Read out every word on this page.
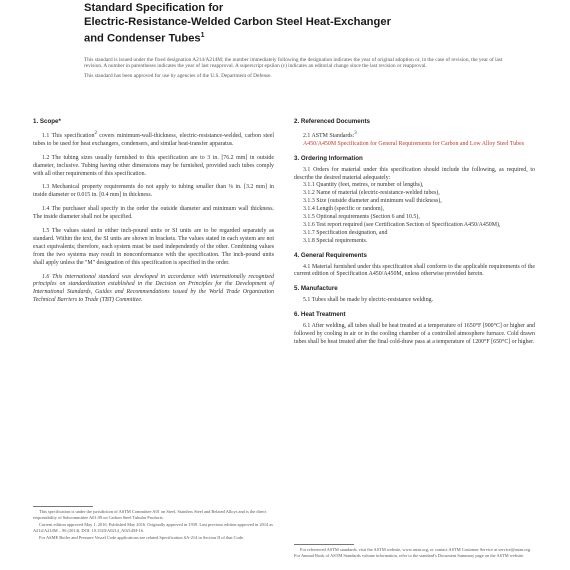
Standard Specification for
Electric-Resistance-Welded Carbon Steel Heat-Exchanger
and Condenser Tubes$^1$

This standard is issued under the fixed designation A214/A214M; the number immediately following the designation indicates the year of original adoption or, in the case of revision, the year of last revision. A number in parentheses indicates the year of last reapproval. A superscript epsilon (ε) indicates an editorial change since the last revision or reapproval.

This standard has been approved for use by agencies of the U.S. Department of Defense.

1. Scope*

1.1 This specification$^2$ covers minimum-wall-thickness, electric-resistance-welded, carbon steel tubes to be used for heat exchangers, condensers, and similar heat-transfer apparatus.

1.2 The tubing sizes usually furnished to this specification are to 3 in. [76.2 mm] in outside diameter, inclusive. Tubing having other dimensions may be furnished, provided such tubes comply with all other requirements of this specification.

1.3 Mechanical property requirements do not apply to tubing smaller than ⅛ in. [3.2 mm] in inside diameter or 0.015 in. [0.4 mm] in thickness.

1.4 The purchaser shall specify in the order the outside diameter and minimum wall thickness. The inside diameter shall not be specified.

1.5 The values stated in either inch-pound units or SI units are to be regarded separately as standard. Within the text, the SI units are shown in brackets. The values stated in each system are not exact equivalents; therefore, each system must be used independently of the other. Combining values from the two systems may result in nonconformance with the specification. The inch-pound units shall apply unless the "M" designation of this specification is specified in the order.

1.6 This international standard was developed in accordance with internationally recognized principles on standardization established in the Decision on Principles for the Development of International Standards, Guides and Recommendations issued by the World Trade Organization Technical Barriers to Trade (TBT) Committee.

2. Referenced Documents

2.1 ASTM Standards:$^3$

A450/A450M Specification for General Requirements for Carbon and Low Alloy Steel Tubes

3. Ordering Information

3.1 Orders for material under this specification should include the following, as required, to describe the desired material adequately:

3.1.1 Quantity (feet, metres, or number of lengths),
3.1.2 Name of material (electric-resistance-welded tubes),
3.1.3 Size (outside diameter and minimum wall thickness),
3.1.4 Length (specific or random),
3.1.5 Optional requirements (Section 6 and 10.5),
3.1.6 Test report required (see Certification Section of Specification A450/A450M),
3.1.7 Specification designation, and
3.1.8 Special requirements.
4. General Requirements

4.1 Material furnished under this specification shall conform to the applicable requirements of the current edition of Specification A450/A450M, unless otherwise provided herein.

5. Manufacture

5.1 Tubes shall be made by electric-resistance welding.

6. Heat Treatment

6.1 After welding, all tubes shall be heat treated at a temperature of 1650°F [900°C] or higher and followed by cooling in air or in the cooling chamber of a controlled atmosphere furnace. Cold drawn tubes shall be heat treated after the final cold-draw pass at a temperature of 1200°F [650°C] or higher.

This specification is under the jurisdiction of ASTM Committee A01 on Steel, Stainless Steel and Related Alloys and is the direct responsibility of Subcommittee A01.09 on Carbon Steel Tubular Products.

Current edition approved May 1, 2016. Published May 2016. Originally approved in 1939. Last previous edition approved in 2014 as A214/A214M – 96 (2014). DOI: 10.1520/A0214_A0214M-16.

For ASME Boiler and Pressure Vessel Code applications see related Specification SA-214 in Section II of that Code.

For referenced ASTM standards, visit the ASTM website, www.astm.org, or contact ASTM Customer Service at service@astm.org. For Annual Book of ASTM Standards volume information, refer to the standard's Document Summary page on the ASTM website.
